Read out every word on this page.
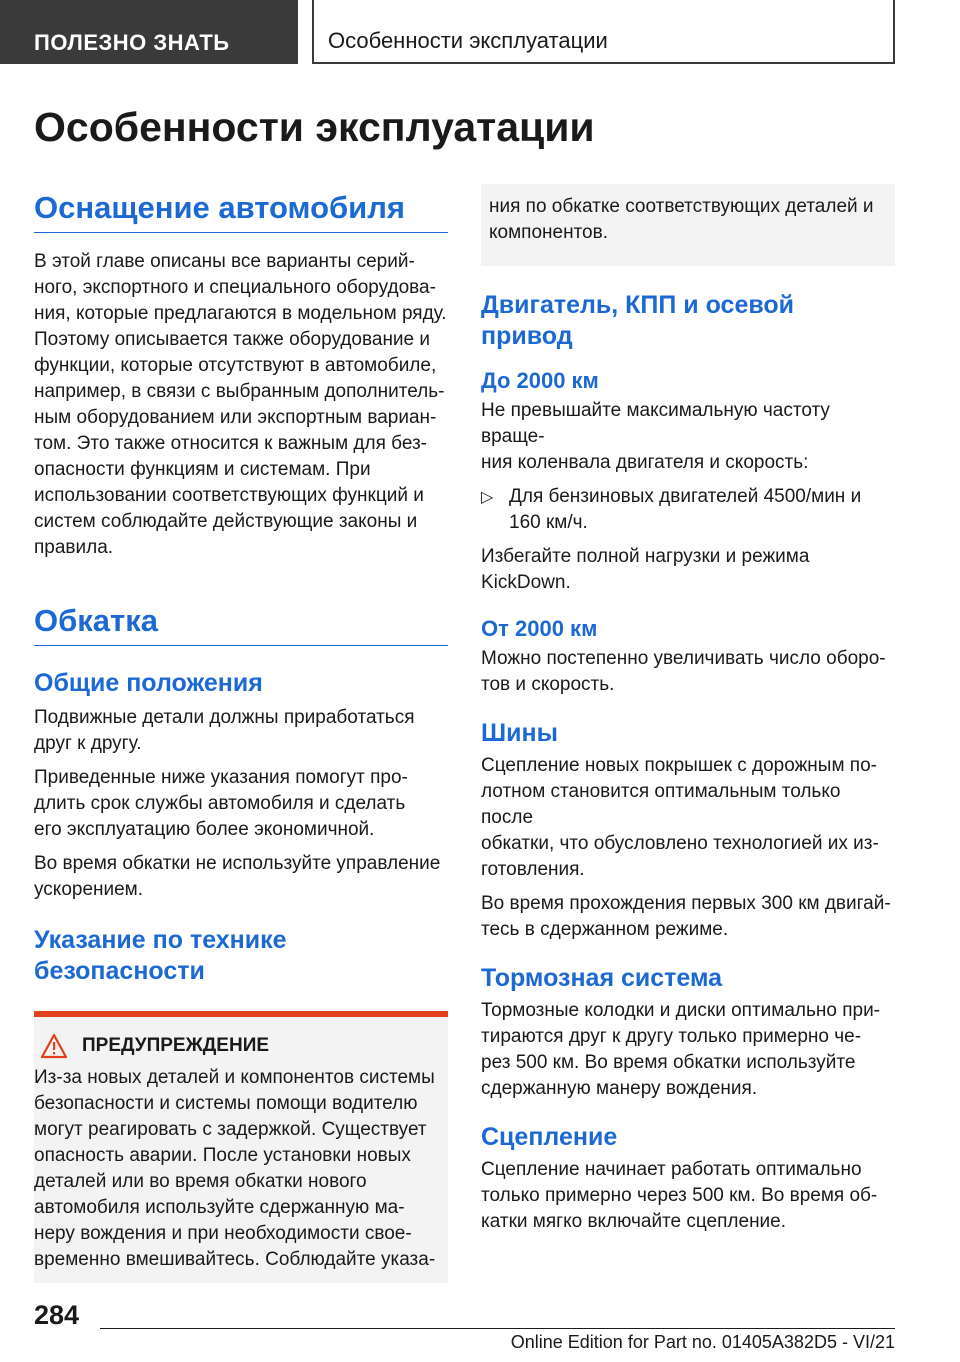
ПОЛЕЗНО ЗНАТЬ	Особенности эксплуатации
Особенности эксплуатации
Оснащение автомобиля

В этой главе описаны все варианты серий-
ного, экспортного и специального оборудова-
ния, которые предлагаются в модельном ряду.
Поэтому описывается также оборудование и
функции, которые отсутствуют в автомобиле,
например, в связи с выбранным дополнитель-
ным оборудованием или экспортным вариан-
том. Это также относится к важным для без-
опасности функциям и системам. При
использовании соответствующих функций и
систем соблюдайте действующие законы и
правила.

Обкатка
Общие положения

Подвижные детали должны приработаться
друг к другу.

Приведенные ниже указания помогут про-
длить срок службы автомобиля и сделать
его эксплуатацию более экономичной.

Во время обкатки не используйте управление
ускорением.

Указание по технике
безопасности
ПРЕДУПРЕЖДЕНИЕ

Из-за новых деталей и компонентов системы
безопасности и системы помощи водителю
могут реагировать с задержкой. Существует
опасность аварии. После установки новых
деталей или во время обкатки нового
автомобиля используйте сдержанную ма-
неру вождения и при необходимости свое-
временно вмешивайтесь. Соблюдайте указа-

ния по обкатке соответствующих деталей и
компонентов.

Двигатель, КПП и осевой
привод
До 2000 км

Не превышайте максимальную частоту враще-
ния коленвала двигателя и скорость:

▷ Для бензиновых двигателей 4500/мин и
160 км/ч.

Избегайте полной нагрузки и режима
KickDown.

От 2000 км

Можно постепенно увеличивать число оборо-
тов и скорость.

Шины

Сцепление новых покрышек с дорожным по-
лотном становится оптимальным только после
обкатки, что обусловлено технологией их из-
готовления.

Во время прохождения первых 300 км двигай-
тесь в сдержанном режиме.

Тормозная система

Тормозные колодки и диски оптимально при-
тираются друг к другу только примерно че-
рез 500 км. Во время обкатки используйте
сдержанную манеру вождения.

Сцепление

Сцепление начинает работать оптимально
только примерно через 500 км. Во время об-
катки мягко включайте сцепление.

284
Online Edition for Part no. 01405A382D5 - VI/21
